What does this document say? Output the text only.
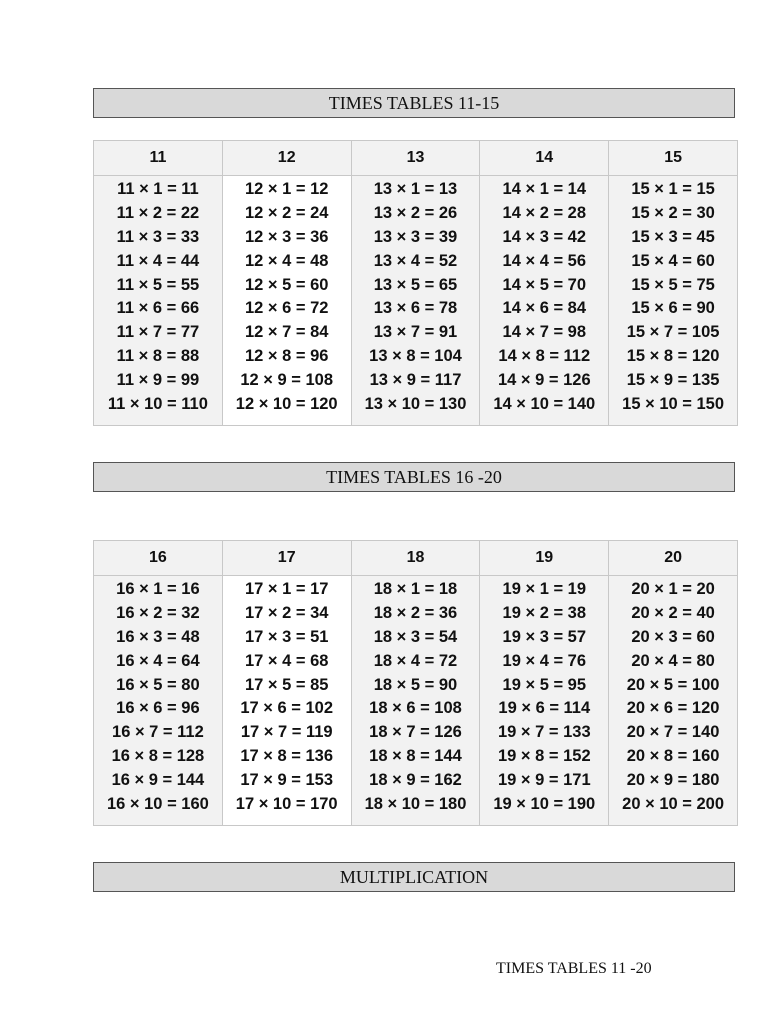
TIMES TABLES 11-15
11
11 × 1 = 11
11 × 2 = 22
11 × 3 = 33
11 × 4 = 44
11 × 5 = 55
11 × 6 = 66
11 × 7 = 77
11 × 8 = 88
11 × 9 = 99
11 × 10 = 110
12
12 × 1 = 12
12 × 2 = 24
12 × 3 = 36
12 × 4 = 48
12 × 5 = 60
12 × 6 = 72
12 × 7 = 84
12 × 8 = 96
12 × 9 = 108
12 × 10 = 120
13
13 × 1 = 13
13 × 2 = 26
13 × 3 = 39
13 × 4 = 52
13 × 5 = 65
13 × 6 = 78
13 × 7 = 91
13 × 8 = 104
13 × 9 = 117
13 × 10 = 130
14
14 × 1 = 14
14 × 2 = 28
14 × 3 = 42
14 × 4 = 56
14 × 5 = 70
14 × 6 = 84
14 × 7 = 98
14 × 8 = 112
14 × 9 = 126
14 × 10 = 140
15
15 × 1 = 15
15 × 2 = 30
15 × 3 = 45
15 × 4 = 60
15 × 5 = 75
15 × 6 = 90
15 × 7 = 105
15 × 8 = 120
15 × 9 = 135
15 × 10 = 150
TIMES TABLES 16 -20
16
16 × 1 = 16
16 × 2 = 32
16 × 3 = 48
16 × 4 = 64
16 × 5 = 80
16 × 6 = 96
16 × 7 = 112
16 × 8 = 128
16 × 9 = 144
16 × 10 = 160
17
17 × 1 = 17
17 × 2 = 34
17 × 3 = 51
17 × 4 = 68
17 × 5 = 85
17 × 6 = 102
17 × 7 = 119
17 × 8 = 136
17 × 9 = 153
17 × 10 = 170
18
18 × 1 = 18
18 × 2 = 36
18 × 3 = 54
18 × 4 = 72
18 × 5 = 90
18 × 6 = 108
18 × 7 = 126
18 × 8 = 144
18 × 9 = 162
18 × 10 = 180
19
19 × 1 = 19
19 × 2 = 38
19 × 3 = 57
19 × 4 = 76
19 × 5 = 95
19 × 6 = 114
19 × 7 = 133
19 × 8 = 152
19 × 9 = 171
19 × 10 = 190
20
20 × 1 = 20
20 × 2 = 40
20 × 3 = 60
20 × 4 = 80
20 × 5 = 100
20 × 6 = 120
20 × 7 = 140
20 × 8 = 160
20 × 9 = 180
20 × 10 = 200
MULTIPLICATION
TIMES TABLES 11 -20
